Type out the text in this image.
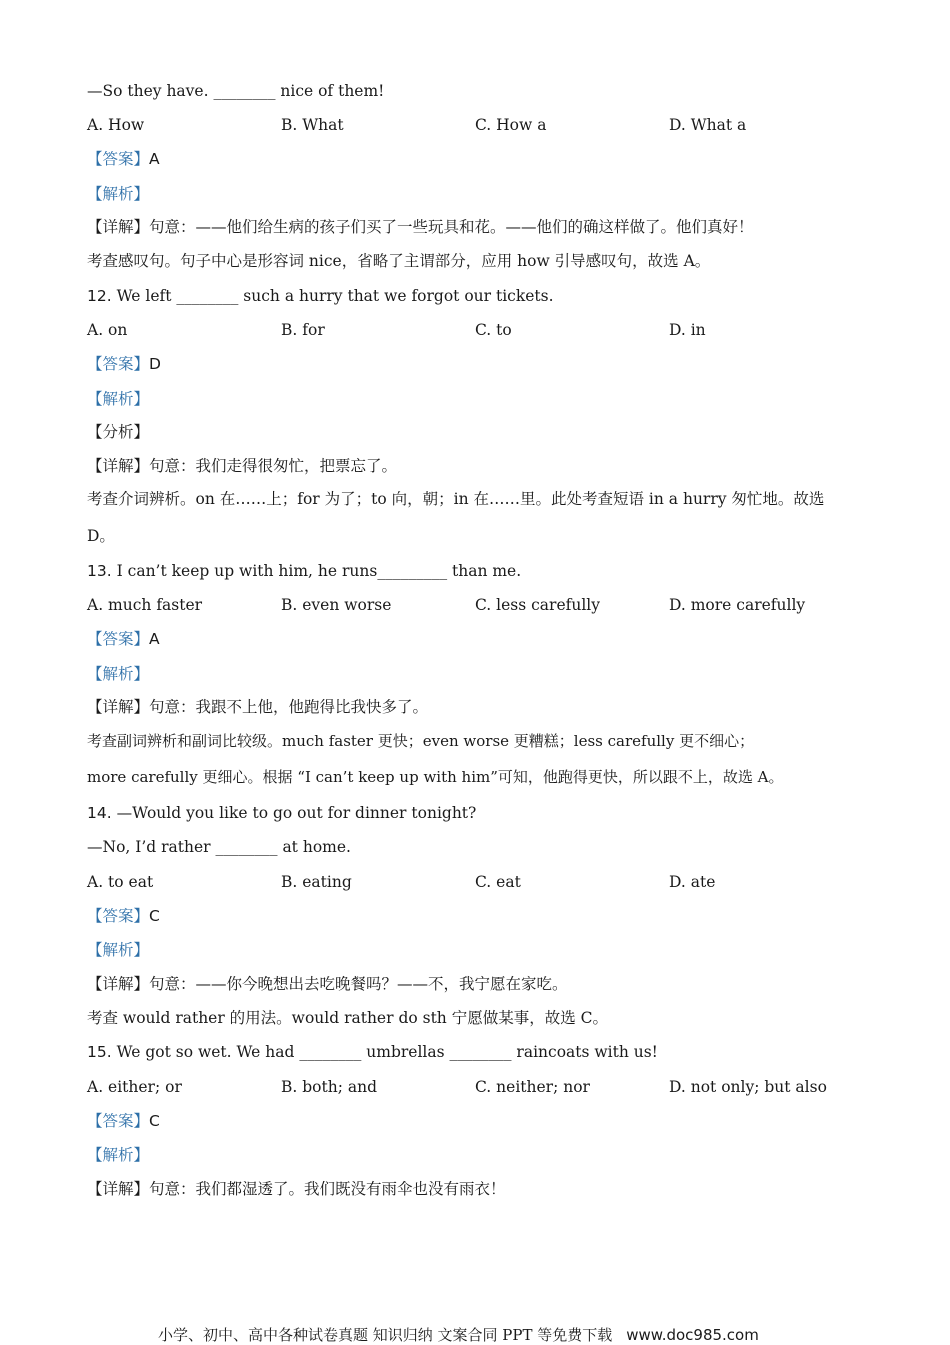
—So they have. ________ nice of them!
A. How	B. What	C. How a	D. What a
【答案】A
【解析】
【详解】句意：——他们给生病的孩子们买了一些玩具和花。——他们的确这样做了。他们真好！
考查感叹句。句子中心是形容词 nice，省略了主谓部分，应用 how 引导感叹句，故选 A。
12. We left ________ such a hurry that we forgot our tickets.
A. on	B. for	C. to	D. in
【答案】D
【解析】
【分析】
【详解】句意：我们走得很匆忙，把票忘了。
考查介词辨析。on 在……上；for 为了；to 向，朝；in 在……里。此处考查短语 in a hurry 匆忙地。故选
D。
13. I can’t keep up with him, he runs_________ than me.
A. much faster	B. even worse	C. less carefully	D. more carefully
【答案】A
【解析】
【详解】句意：我跟不上他，他跑得比我快多了。
考查副词辨析和副词比较级。much faster 更快；even worse 更糟糕；less carefully 更不细心；
more carefully 更细心。根据 “I can’t keep up with him”可知，他跑得更快，所以跟不上，故选 A。
14. —Would you like to go out for dinner tonight?
—No, I’d rather ________ at home.
A. to eat	B. eating	C. eat	D. ate
【答案】C
【解析】
【详解】句意：——你今晚想出去吃晚餐吗？——不，我宁愿在家吃。
考查 would rather 的用法。would rather do sth 宁愿做某事，故选 C。
15. We got so wet. We had ________ umbrellas ________ raincoats with us!
A. either; or	B. both; and	C. neither; nor	D. not only; but also
【答案】C
【解析】
【详解】句意：我们都湿透了。我们既没有雨伞也没有雨衣！
小学、初中、高中各种试卷真题 知识归纳 文案合同 PPT 等免费下载 www.doc985.com
